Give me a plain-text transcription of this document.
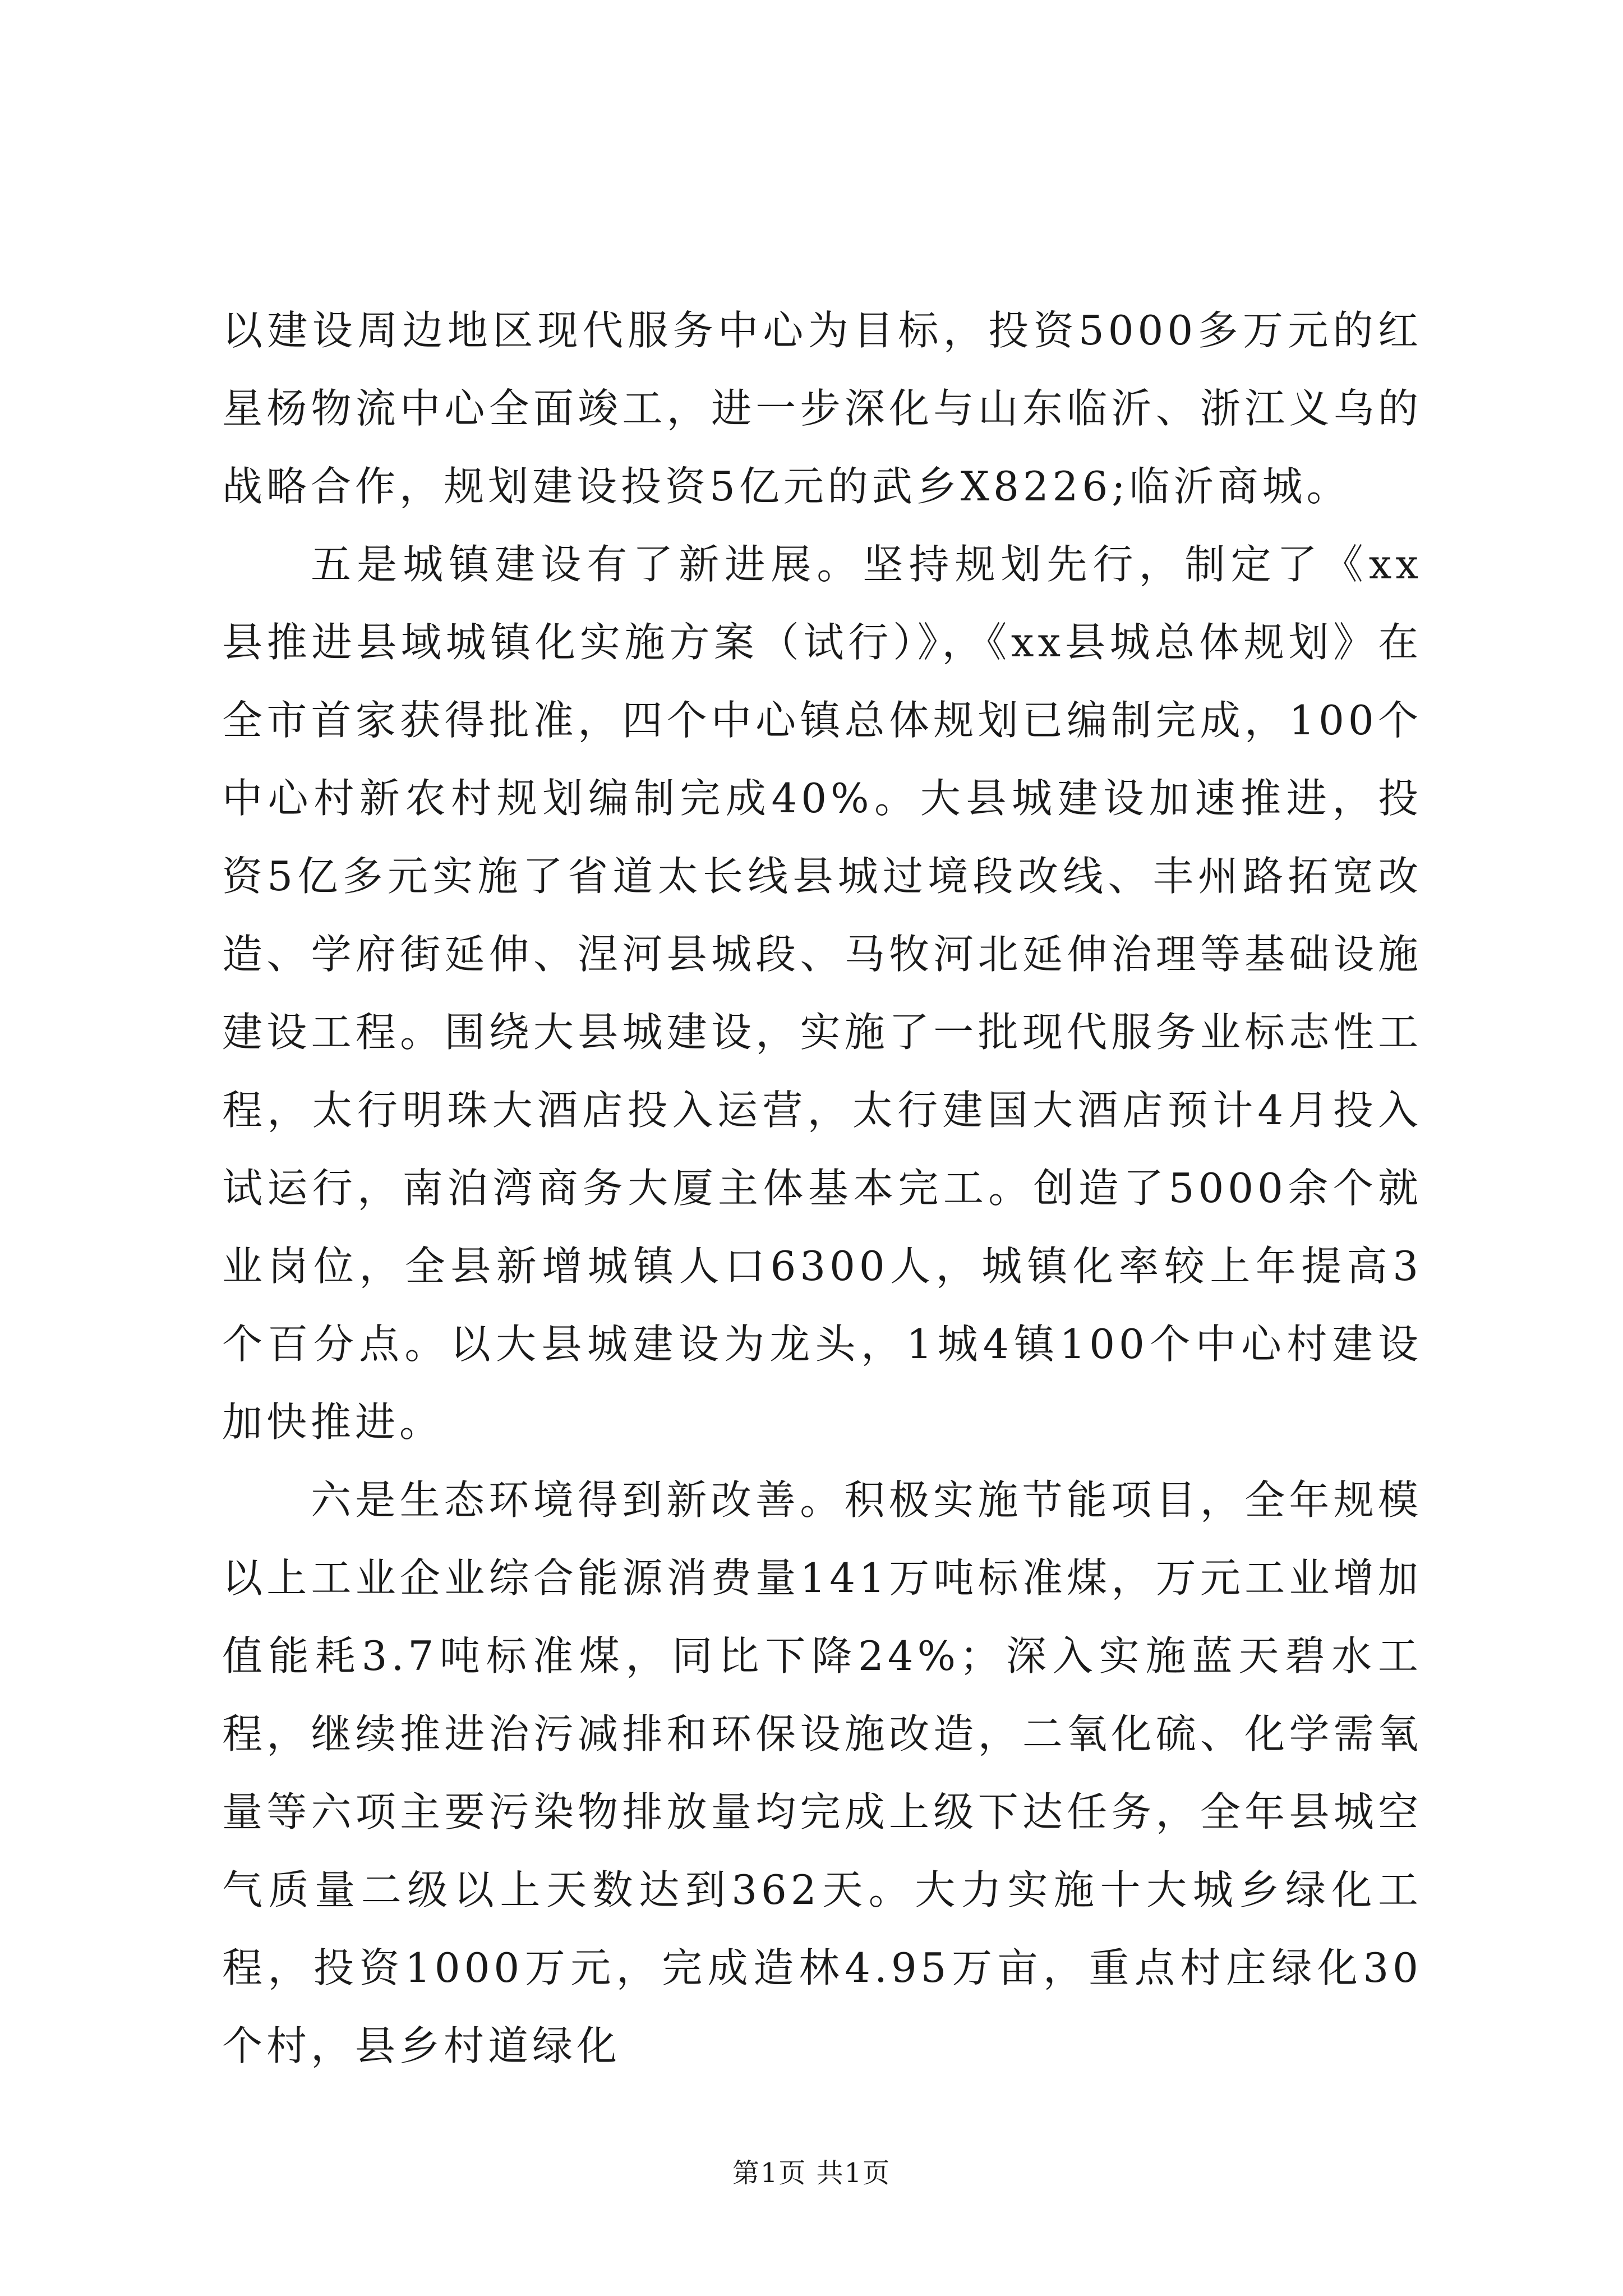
以建设周边地区现代服务中心为目标，投资5000多万元的红星杨物流中心全面竣工，进一步深化与山东临沂、浙江义乌的战略合作，规划建设投资5亿元的武乡X8226;临沂商城。

五是城镇建设有了新进展。坚持规划先行，制定了《xx县推进县域城镇化实施方案（试行）》，《xx县城总体规划》在全市首家获得批准，四个中心镇总体规划已编制完成，100个中心村新农村规划编制完成40%。大县城建设加速推进，投资5亿多元实施了省道太长线县城过境段改线、丰州路拓宽改造、学府街延伸、涅河县城段、马牧河北延伸治理等基础设施建设工程。围绕大县城建设，实施了一批现代服务业标志性工程，太行明珠大酒店投入运营，太行建国大酒店预计4月投入试运行，南泊湾商务大厦主体基本完工。创造了5000余个就业岗位，全县新增城镇人口6300人，城镇化率较上年提高3个百分点。以大县城建设为龙头，1城4镇100个中心村建设加快推进。

六是生态环境得到新改善。积极实施节能项目，全年规模以上工业企业综合能源消费量141万吨标准煤，万元工业增加值能耗3.7吨标准煤，同比下降24%；深入实施蓝天碧水工程，继续推进治污减排和环保设施改造，二氧化硫、化学需氧量等六项主要污染物排放量均完成上级下达任务，全年县城空气质量二级以上天数达到362天。大力实施十大城乡绿化工程，投资1000万元，完成造林4.95万亩，重点村庄绿化30个村，县乡村道绿化

第1页 共1页
